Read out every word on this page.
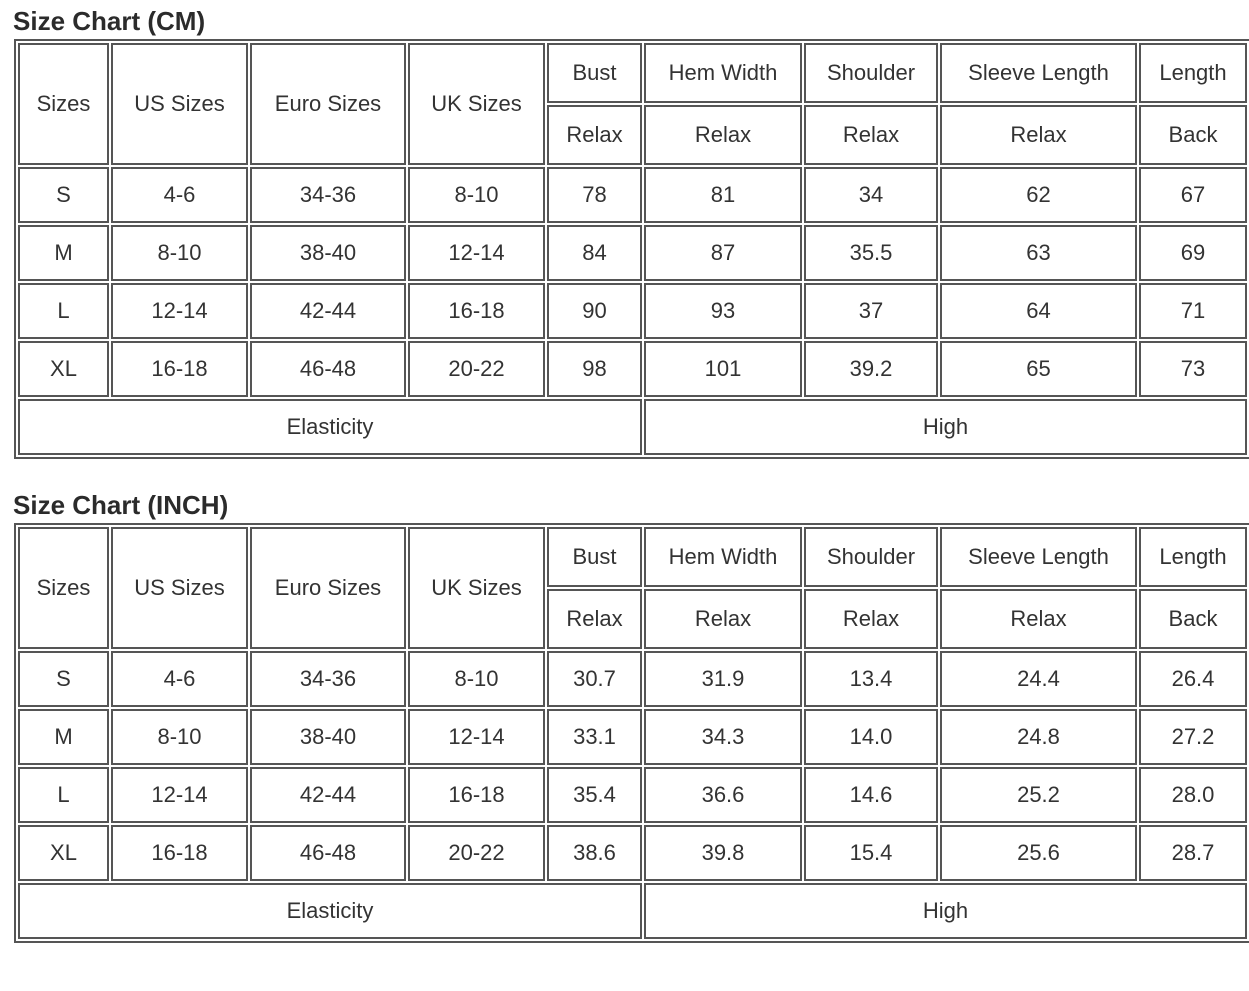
Size Chart (CM)
Sizes	US Sizes	Euro Sizes	UK Sizes	Bust	Hem Width	Shoulder	Sleeve Length	Length
				Relax	Relax	Relax	Relax	Back
S	4-6	34-36	8-10	78	81	34	62	67
M	8-10	38-40	12-14	84	87	35.5	63	69
L	12-14	42-44	16-18	90	93	37	64	71
XL	16-18	46-48	20-22	98	101	39.2	65	73
Elasticity					High			
Size Chart (INCH)
Sizes	US Sizes	Euro Sizes	UK Sizes	Bust	Hem Width	Shoulder	Sleeve Length	Length
				Relax	Relax	Relax	Relax	Back
S	4-6	34-36	8-10	30.7	31.9	13.4	24.4	26.4
M	8-10	38-40	12-14	33.1	34.3	14.0	24.8	27.2
L	12-14	42-44	16-18	35.4	36.6	14.6	25.2	28.0
XL	16-18	46-48	20-22	38.6	39.8	15.4	25.6	28.7
Elasticity					High			
